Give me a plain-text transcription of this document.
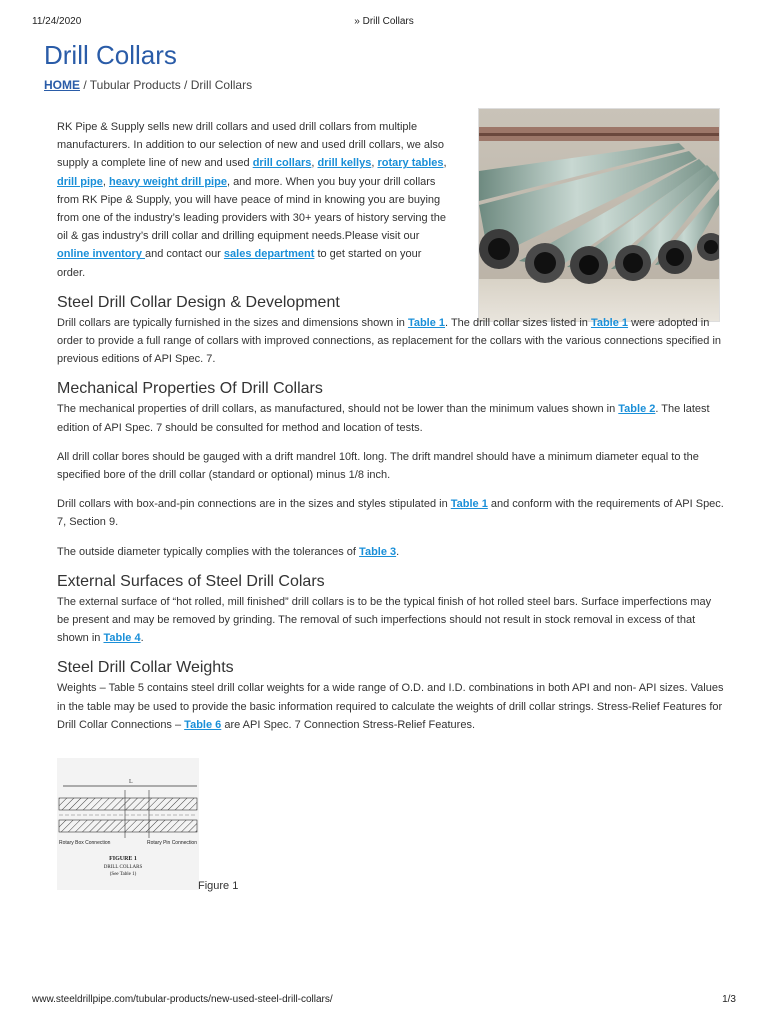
11/24/2020	» Drill Collars
Drill Collars
HOME / Tubular Products / Drill Collars

RK Pipe & Supply sells new drill collars and used drill collars from multiple manufacturers. In addition to our selection of new and used drill collars, we also supply a complete line of new and used drill collars, drill kellys, rotary tables, drill pipe, heavy weight drill pipe, and more. When you buy your drill collars from RK Pipe & Supply, you will have peace of mind in knowing you are buying from one of the industry’s leading providers with 30+ years of history serving the oil & gas industry’s drill collar and drilling equipment needs.Please visit our online inventory and contact our sales department to get started on your order.

Steel Drill Collar Design & Development

Drill collars are typically furnished in the sizes and dimensions shown in Table 1. The drill collar sizes listed in Table 1 were adopted in order to provide a full range of collars with improved connections, as replacement for the collars with the various connections specified in previous editions of API Spec. 7.

Mechanical Properties Of Drill Collars

The mechanical properties of drill collars, as manufactured, should not be lower than the minimum values shown in Table 2. The latest edition of API Spec. 7 should be consulted for method and location of tests.

All drill collar bores should be gauged with a drift mandrel 10ft. long. The drift mandrel should have a minimum diameter equal to the specified bore of the drill collar (standard or optional) minus 1/8 inch.

Drill collars with box-and-pin connections are in the sizes and styles stipulated in Table 1 and conform with the requirements of API Spec. 7, Section 9.

The outside diameter typically complies with the tolerances of Table 3.

External Surfaces of Steel Drill Colars

The external surface of “hot rolled, mill finished” drill collars is to be the typical finish of hot rolled steel bars. Surface imperfections may be present and may be removed by grinding. The removal of such imperfections should not result in stock removal in excess of that shown in Table 4.

Steel Drill Collar Weights

Weights – Table 5 contains steel drill collar weights for a wide range of O.D. and I.D. combinations in both API and non- API sizes. Values in the table may be used to provide the basic information required to calculate the weights of drill collar strings. Stress-Relief Features for Drill Collar Connections – Table 6 are API Spec. 7 Connection Stress-Relief Features.

L
Rotary Box Connection	Rotary Pin Connection
FIGURE 1
DRILL COLLARS
(See Table 1)
Figure 1
www.steeldrillpipe.com/tubular-products/new-used-steel-drill-collars/	1/3
